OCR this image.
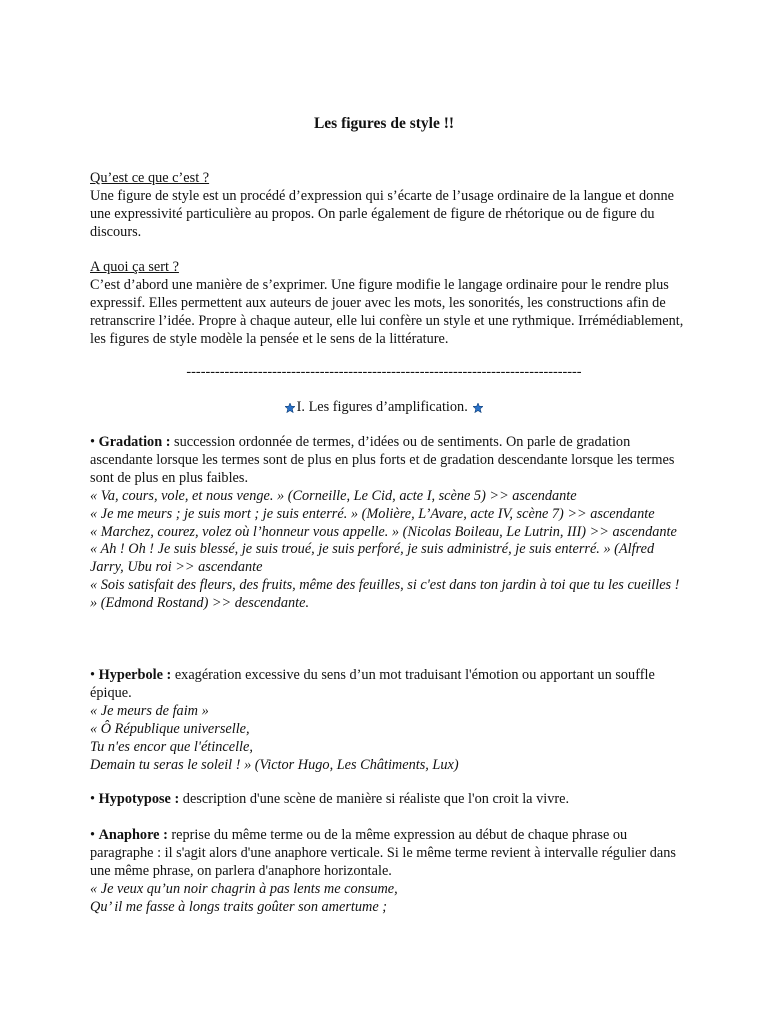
Les figures de style !!
Qu’est ce que c’est ?
Une figure de style est un procédé d’expression qui s’écarte de l’usage ordinaire de la langue et donne une expressivité particulière au propos. On parle également de figure de rhétorique ou de figure du discours.
A quoi ça sert ?
C’est d’abord une manière de s’exprimer. Une figure modifie le langage ordinaire pour le rendre plus expressif. Elles permettent aux auteurs de jouer avec les mots, les sonorités, les constructions afin de retranscrire l’idée. Propre à chaque auteur, elle lui confère un style et une rythmique. Irrémédiablement, les figures de style modèle la pensée et le sens de la littérature.
-----------------------------------------------------------------------------------
I. Les figures d’amplification.
• Gradation : succession ordonnée de termes, d’idées ou de sentiments. On parle de gradation ascendante lorsque les termes sont de plus en plus forts et de gradation descendante lorsque les termes sont de plus en plus faibles.
« Va, cours, vole, et nous venge. » (Corneille, Le Cid, acte I, scène 5) >> ascendante
« Je me meurs ; je suis mort ; je suis enterré. » (Molière, L’Avare, acte IV, scène 7) >> ascendante
« Marchez, courez, volez où l’honneur vous appelle. » (Nicolas Boileau, Le Lutrin, III) >> ascendante
« Ah ! Oh ! Je suis blessé, je suis troué, je suis perforé, je suis administré, je suis enterré. » (Alfred Jarry, Ubu roi >> ascendante
« Sois satisfait des fleurs, des fruits, même des feuilles, si c'est dans ton jardin à toi que tu les cueilles ! » (Edmond Rostand) >> descendante.
• Hyperbole : exagération excessive du sens d’un mot traduisant l'émotion ou apportant un souffle épique.
« Je meurs de faim »
« Ô République universelle,
Tu n'es encor que l'étincelle,
Demain tu seras le soleil ! » (Victor Hugo, Les Châtiments, Lux)
• Hypotypose : description d'une scène de manière si réaliste que l'on croit la vivre.
• Anaphore : reprise du même terme ou de la même expression au début de chaque phrase ou paragraphe : il s'agit alors d'une anaphore verticale. Si le même terme revient à intervalle régulier dans une même phrase, on parlera d'anaphore horizontale.
« Je veux qu’un noir chagrin à pas lents me consume,
Qu’ il me fasse à longs traits goûter son amertume ;
